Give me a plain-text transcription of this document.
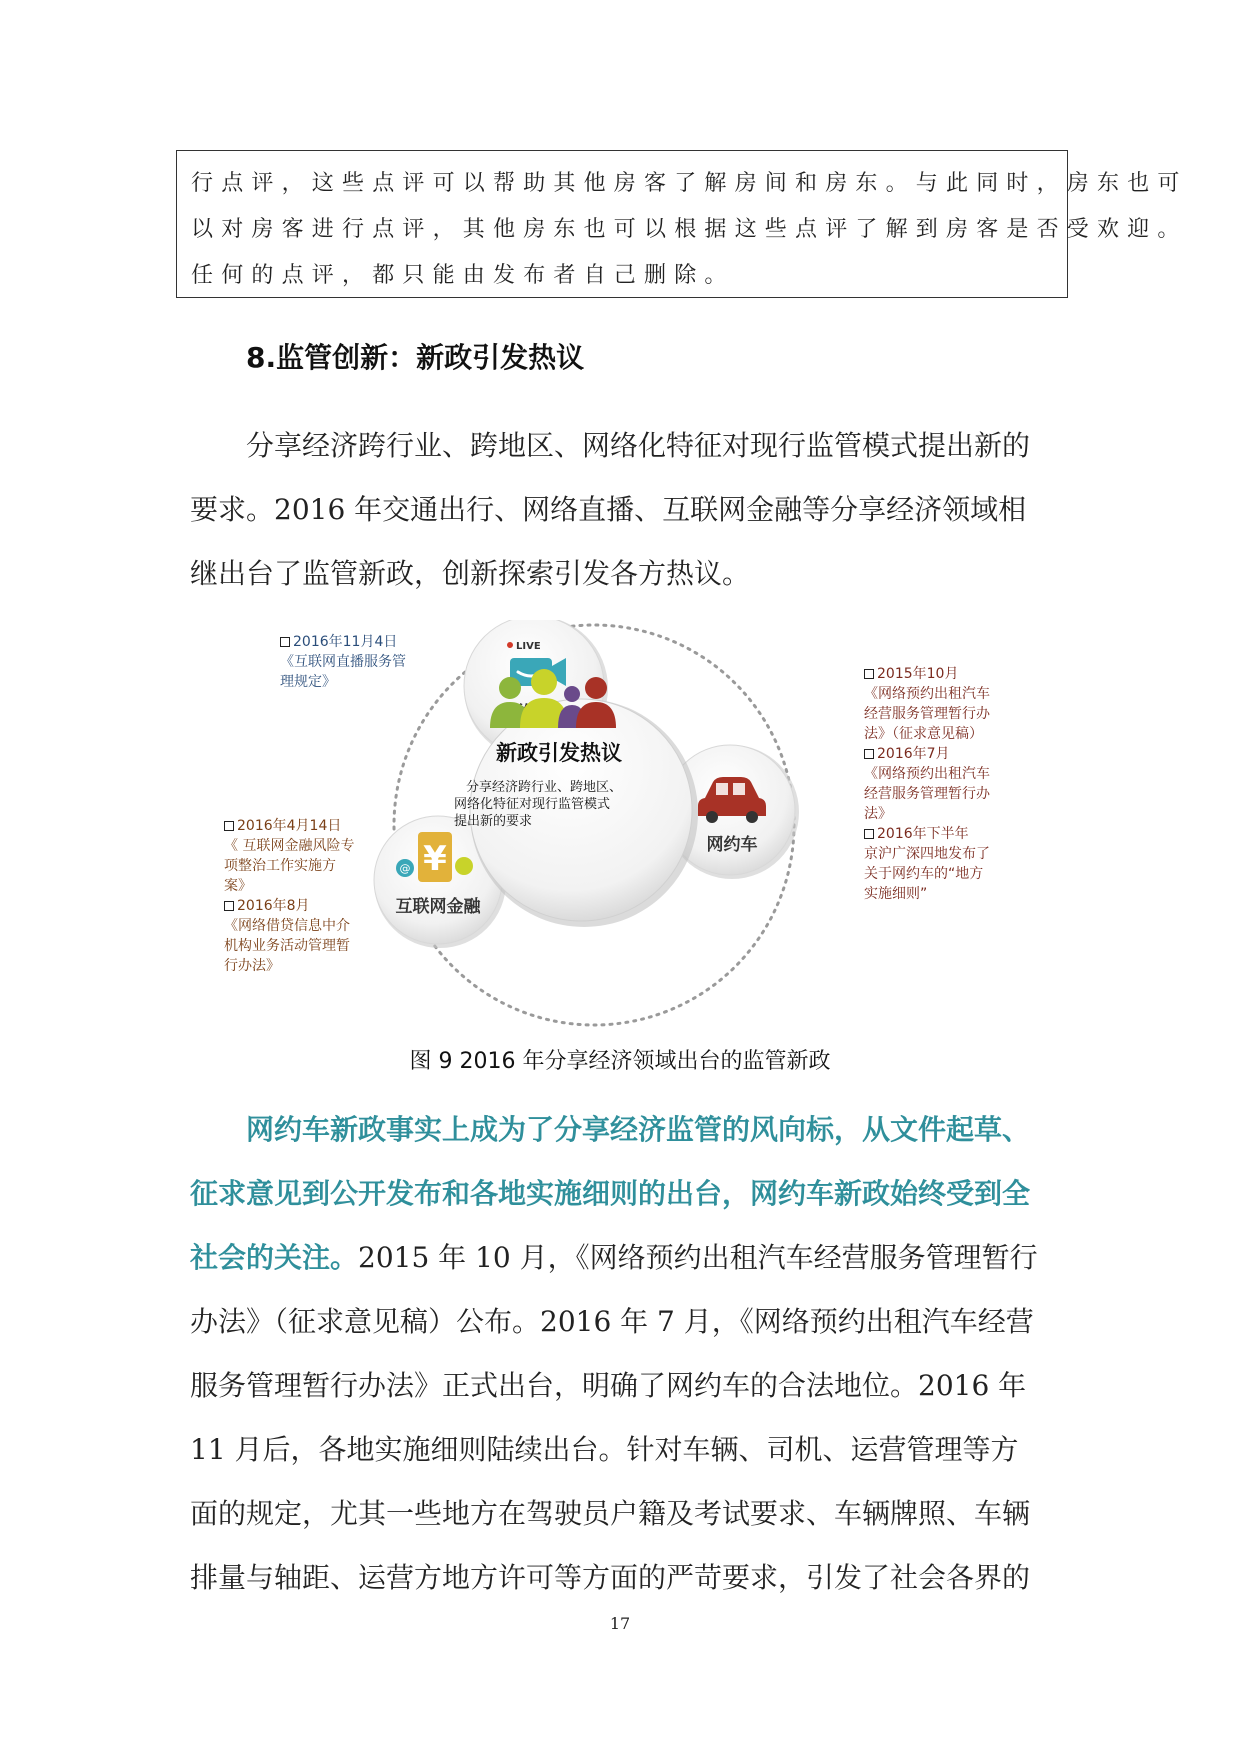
行点评，这些点评可以帮助其他房客了解房间和房东。与此同时，房东也可
以对房客进行点评，其他房东也可以根据这些点评了解到房客是否受欢迎。
任何的点评，都只能由发布者自己删除。
8.监管创新：新政引发热议
分享经济跨行业、跨地区、网络化特征对现行监管模式提出新的
要求。2016 年交通出行、网络直播、互联网金融等分享经济领域相
继出台了监管新政，创新探索引发各方热议。
LIVE
网约车
@ ¥
互联网金融
新政引发热议
分享经济跨行业、跨地区、
网络化特征对现行监管模式
提出新的要求
2016年11月4日
《互联网直播服务管
理规定》	2015年10月
《网络预约出租汽车
经营服务管理暂行办
法》（征求意见稿）
2016年7月
《网络预约出租汽车
经营服务管理暂行办
法》
2016年下半年
京沪广深四地发布了
关于网约车的“地方
实施细则”
2016年4月14日
《 互联网金融风险专
项整治工作实施方
案》
2016年8月
《网络借贷信息中介
机构业务活动管理暂
行办法》
图 9 2016 年分享经济领域出台的监管新政
网约车新政事实上成为了分享经济监管的风向标，从文件起草、
征求意见到公开发布和各地实施细则的出台，网约车新政始终受到全
社会的关注。2015 年 10 月，《网络预约出租汽车经营服务管理暂行
办法》（征求意见稿）公布。2016 年 7 月，《网络预约出租汽车经营
服务管理暂行办法》正式出台，明确了网约车的合法地位。2016 年
11 月后，各地实施细则陆续出台。针对车辆、司机、运营管理等方
面的规定，尤其一些地方在驾驶员户籍及考试要求、车辆牌照、车辆
排量与轴距、运营方地方许可等方面的严苛要求，引发了社会各界的
17
